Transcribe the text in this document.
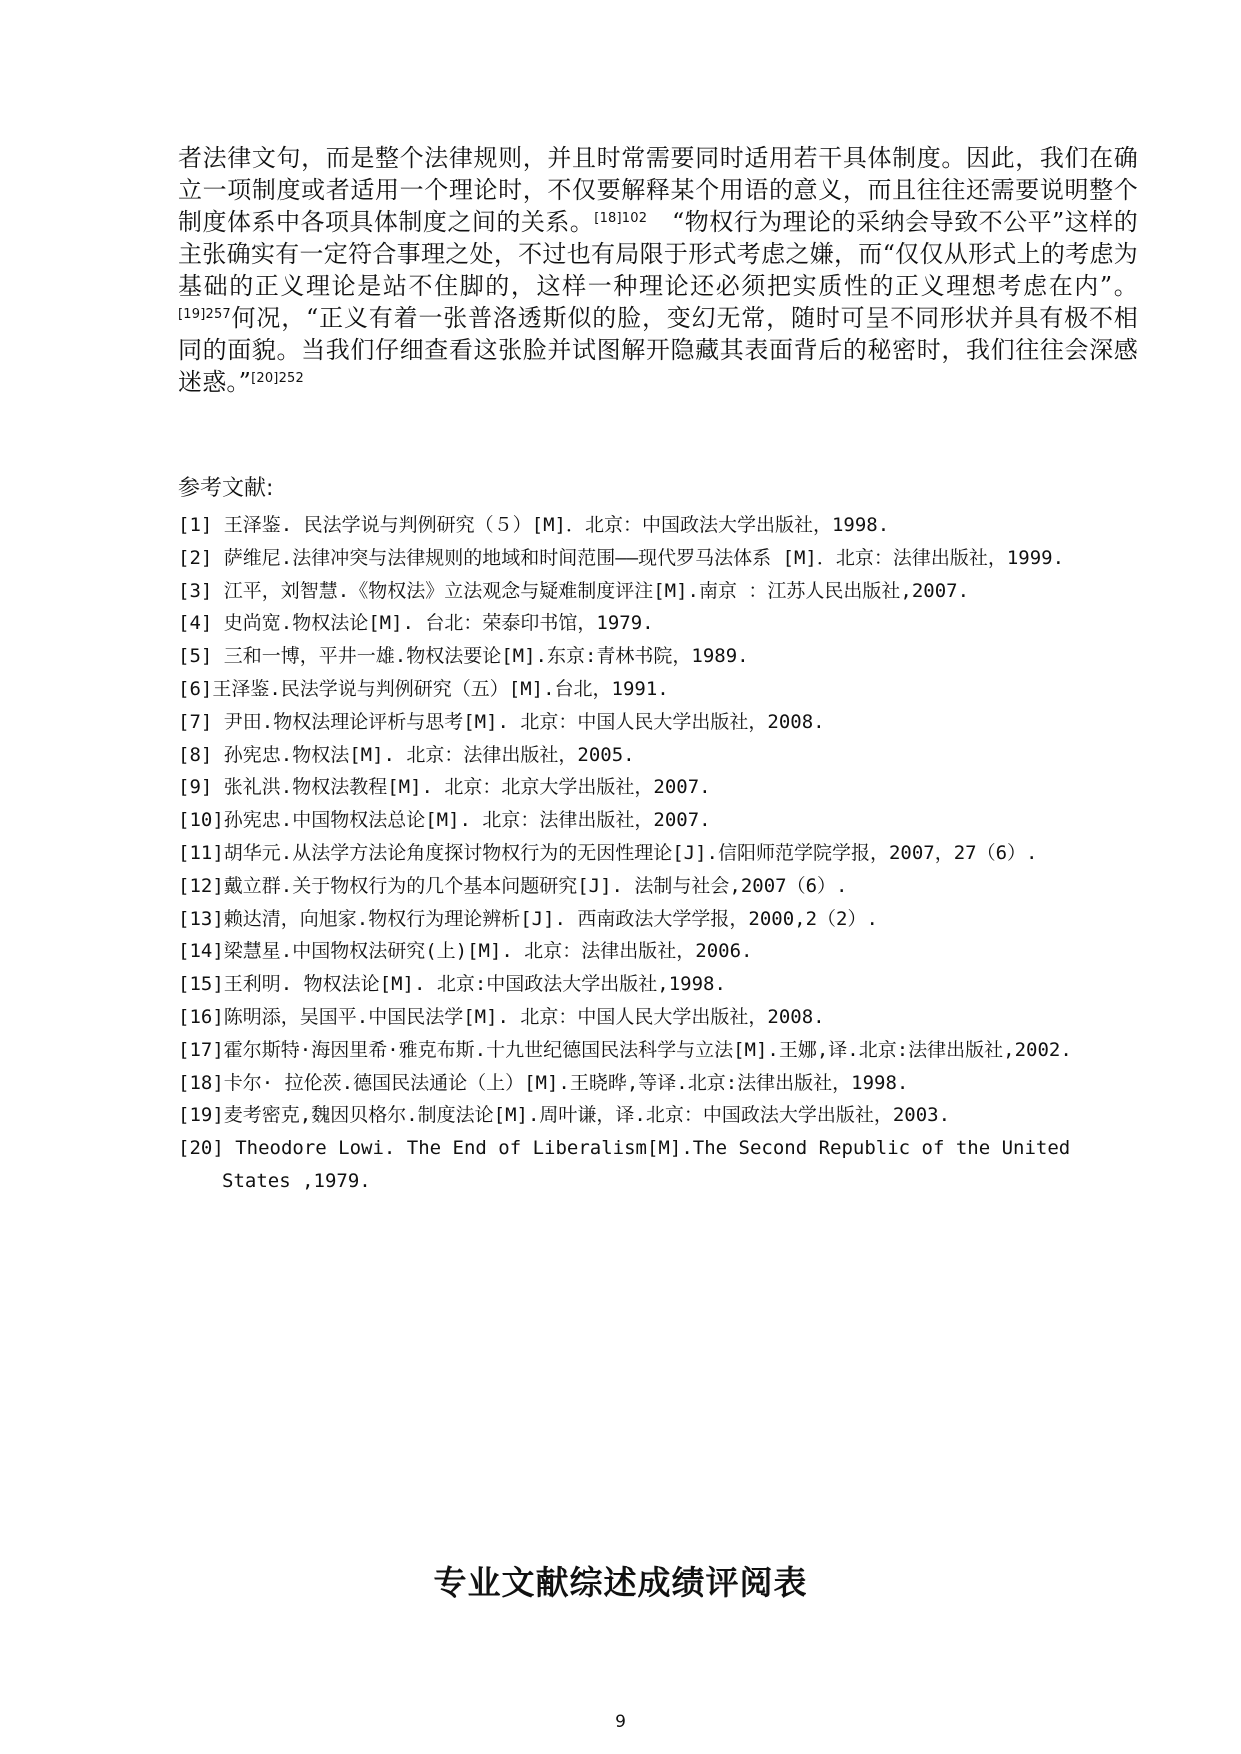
者法律文句，而是整个法律规则，并且时常需要同时适用若干具体制度。因此，我们在确立一项制度或者适用一个理论时，不仅要解释某个用语的意义，而且往往还需要说明整个制度体系中各项具体制度之间的关系。$^{[18]102}$　“物权行为理论的采纳会导致不公平”这样的主张确实有一定符合事理之处，不过也有局限于形式考虑之嫌，而“仅仅从形式上的考虑为基础的正义理论是站不住脚的，这样一种理论还必须把实质性的正义理想考虑在内”。$^{[19]257}$何况，“正义有着一张普洛透斯似的脸，变幻无常，随时可呈不同形状并具有极不相同的面貌。当我们仔细查看这张脸并试图解开隐藏其表面背后的秘密时，我们往往会深感迷惑。”$^{[20]252}$

参考文献:
[1] 王泽鉴. 民法学说与判例研究（５）[M]．北京：中国政法大学出版社，1998.
[2] 萨维尼.法律冲突与法律规则的地域和时间范围——现代罗马法体系 [M]．北京：法律出版社，1999.
[3] 江平，刘智慧.《物权法》立法观念与疑难制度评注[M].南京 ：江苏人民出版社,2007.
[4] 史尚宽.物权法论[M]. 台北：荣泰印书馆，1979.
[5] 三和一博，平井一雄.物权法要论[M].东京:青林书院，1989.
[6]王泽鉴.民法学说与判例研究（五）[M].台北，1991.
[7] 尹田.物权法理论评析与思考[M]. 北京：中国人民大学出版社，2008.
[8] 孙宪忠.物权法[M]. 北京：法律出版社，2005.
[9] 张礼洪.物权法教程[M]. 北京：北京大学出版社，2007.
[10]孙宪忠.中国物权法总论[M]. 北京：法律出版社，2007.
[11]胡华元.从法学方法论角度探讨物权行为的无因性理论[J].信阳师范学院学报，2007，27（6）.
[12]戴立群.关于物权行为的几个基本问题研究[J]. 法制与社会,2007（6）.
[13]赖达清，向旭家.物权行为理论辨析[J]. 西南政法大学学报，2000,2（2）.
[14]梁慧星.中国物权法研究(上)[M]. 北京：法律出版社，2006.
[15]王利明. 物权法论[M]. 北京:中国政法大学出版社,1998.
[16]陈明添，吴国平.中国民法学[M]. 北京：中国人民大学出版社，2008.
[17]霍尔斯特·海因里希·雅克布斯.十九世纪德国民法科学与立法[M].王娜,译.北京:法律出版社,2002.
[18]卡尔· 拉伦茨.德国民法通论（上）[M].王晓晔,等译.北京:法律出版社，1998.
[19]麦考密克,魏因贝格尔.制度法论[M].周叶谦，译.北京：中国政法大学出版社，2003.
[20] Theodore Lowi. The End of Liberalism[M].The Second Republic of the United States ,1979.
专业文献综述成绩评阅表
9
